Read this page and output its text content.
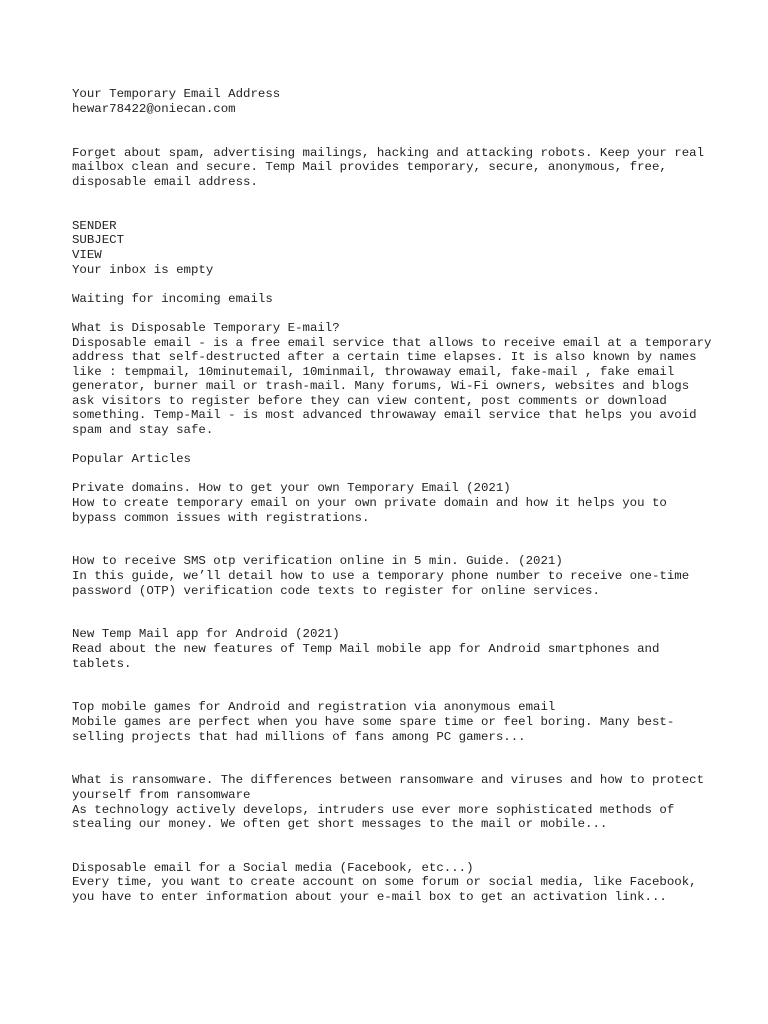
Your Temporary Email Address
hewar78422@oniecan.com
Forget about spam, advertising mailings, hacking and attacking robots. Keep your real mailbox clean and secure. Temp Mail provides temporary, secure, anonymous, free, disposable email address.
SENDER
SUBJECT
VIEW
Your inbox is empty
Waiting for incoming emails
What is Disposable Temporary E-mail?
Disposable email - is a free email service that allows to receive email at a temporary address that self-destructed after a certain time elapses. It is also known by names like : tempmail, 10minutemail, 10minmail, throwaway email, fake-mail , fake email generator, burner mail or trash-mail. Many forums, Wi-Fi owners, websites and blogs ask visitors to register before they can view content, post comments or download something. Temp-Mail - is most advanced throwaway email service that helps you avoid spam and stay safe.
Popular Articles
Private domains. How to get your own Temporary Email (2021)
How to create temporary email on your own private domain and how it helps you to bypass common issues with registrations.
How to receive SMS otp verification online in 5 min. Guide. (2021)
In this guide, we’ll detail how to use a temporary phone number to receive one-time password (OTP) verification code texts to register for online services.
New Temp Mail app for Android (2021)
Read about the new features of Temp Mail mobile app for Android smartphones and tablets.
Top mobile games for Android and registration via anonymous email
Mobile games are perfect when you have some spare time or feel boring. Many best-selling projects that had millions of fans among PC gamers...
What is ransomware. The differences between ransomware and viruses and how to protect yourself from ransomware
As technology actively develops, intruders use ever more sophisticated methods of stealing our money. We often get short messages to the mail or mobile...
Disposable email for a Social media (Facebook, etc...)
Every time, you want to create account on some forum or social media, like Facebook, you have to enter information about your e-mail box to get an activation link...
